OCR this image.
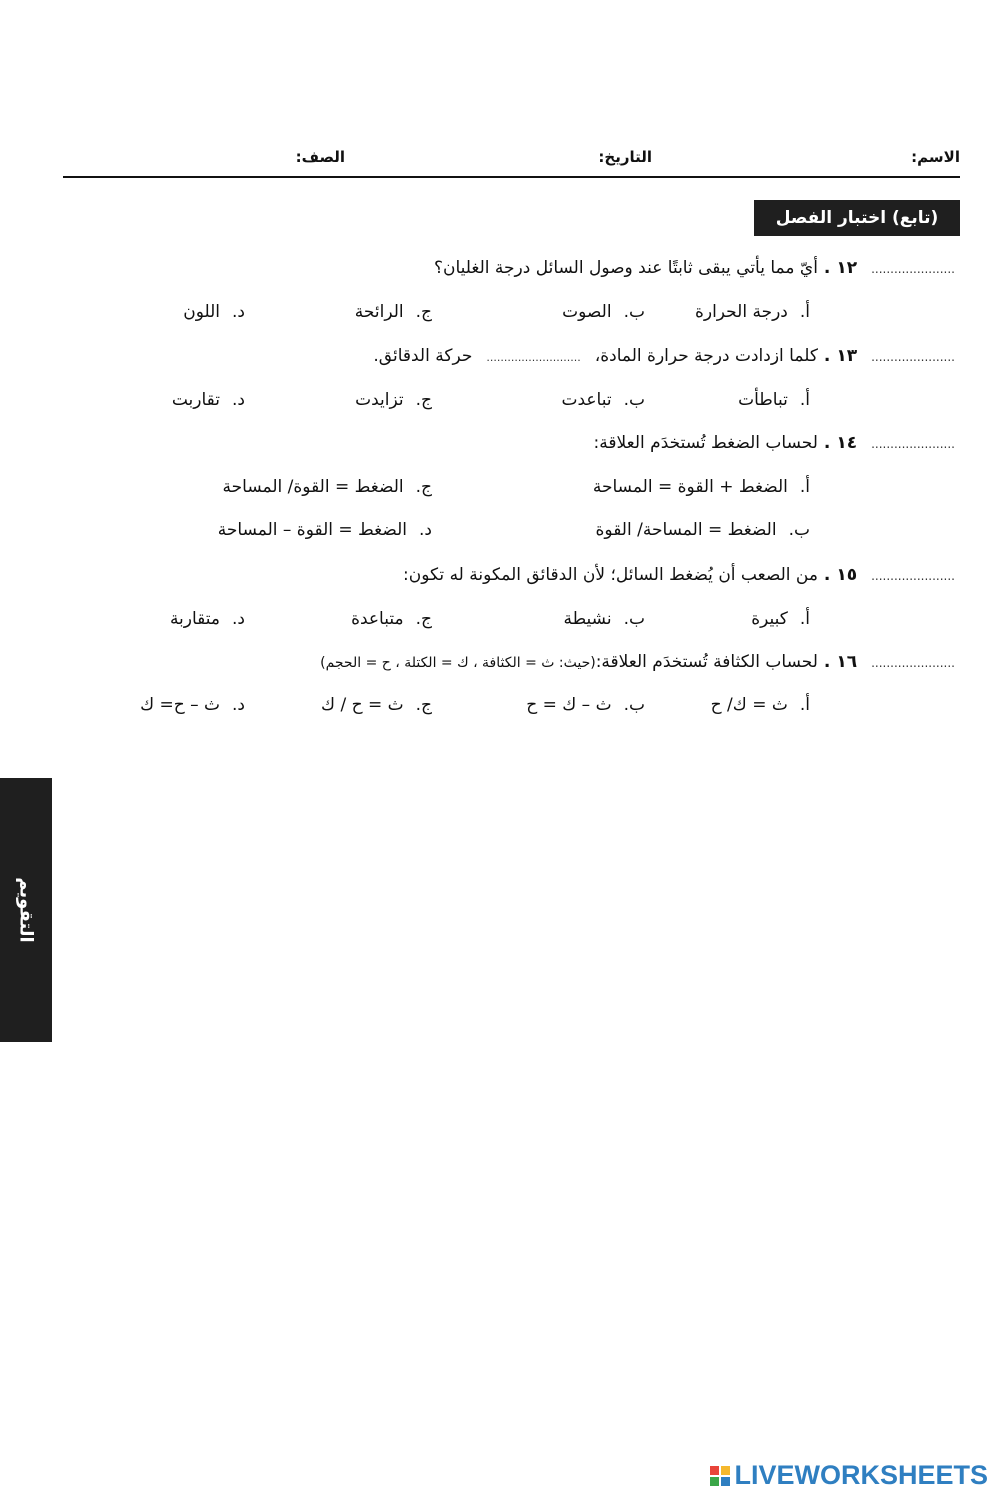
الاسم:
التاريخ:
الصف:
(تابع) اختبار الفصل
......................
١٢ .
أيّ مما يأتي يبقى ثابتًا عند وصول السائل درجة الغليان؟
أ.درجة الحرارة
ب.الصوت
ج.الرائحة
د.اللون
......................
١٣ .
كلما ازدادت درجة حرارة المادة،
...........................
حركة الدقائق.
أ.تباطأت
ب.تباعدت
ج.تزايدت
د.تقاربت
......................
١٤ .
لحساب الضغط تُستخدَم العلاقة:
أ.الضغط + القوة = المساحة
ج.الضغط = القوة/ المساحة
ب.الضغط = المساحة/ القوة
د.الضغط = القوة – المساحة
......................
١٥ .
من الصعب أن يُضغط السائل؛ لأن الدقائق المكونة له تكون:
أ.كبيرة
ب.نشيطة
ج.متباعدة
د.متقاربة
......................
١٦ .
لحساب الكثافة تُستخدَم العلاقة:
(حيث: ث = الكثافة ، ك = الكتلة ، ح = الحجم)
أ.ث = ك/ ح
ب.ث – ك = ح
ج.ث = ح / ك
د.ث – ح= ك
التقويم
LIVEWORKSHEETS
